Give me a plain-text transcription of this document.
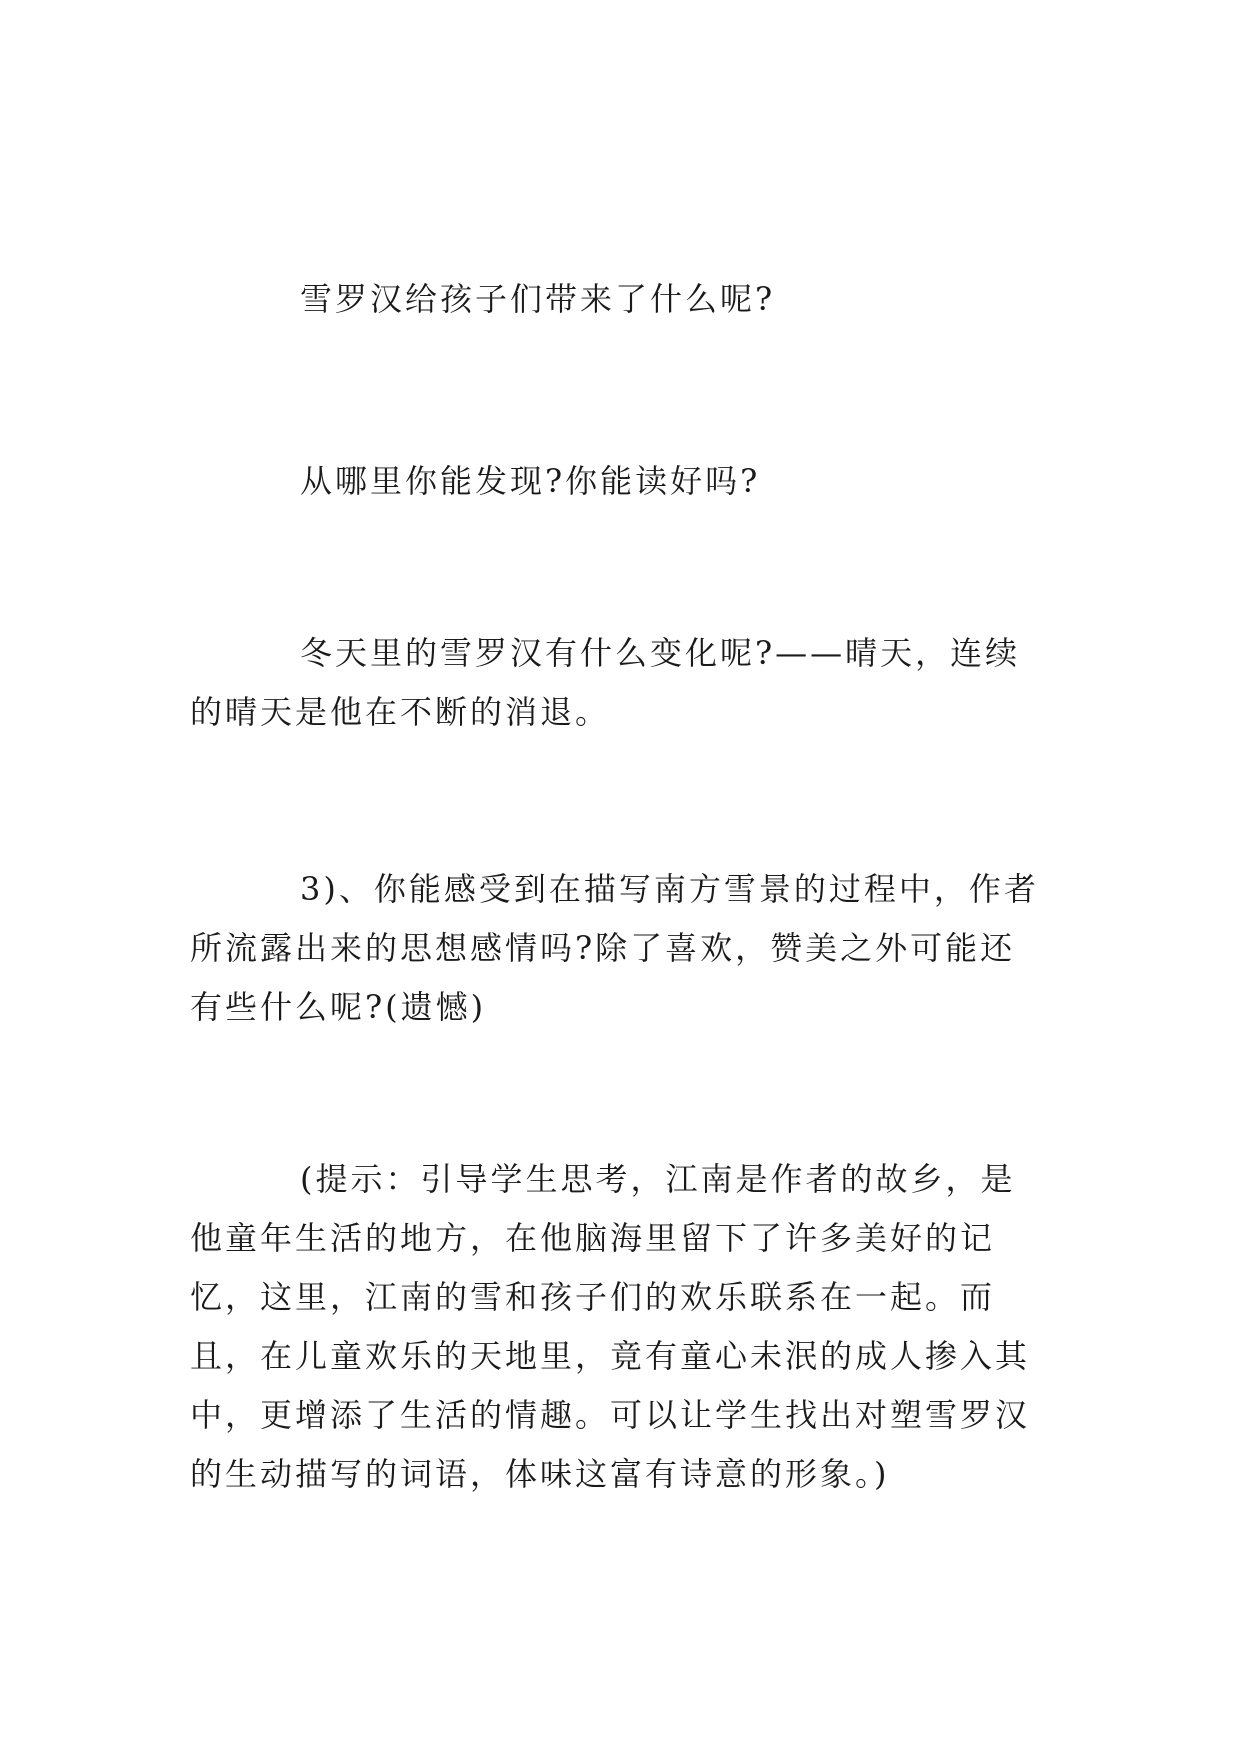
雪罗汉给孩子们带来了什么呢?

从哪里你能发现?你能读好吗?

冬天里的雪罗汉有什么变化呢?——晴天，连续的晴天是他在不断的消退。

3)、你能感受到在描写南方雪景的过程中，作者所流露出来的思想感情吗?除了喜欢，赞美之外可能还有些什么呢?(遗憾)

(提示：引导学生思考，江南是作者的故乡，是他童年生活的地方，在他脑海里留下了许多美好的记忆，这里，江南的雪和孩子们的欢乐联系在一起。而且，在儿童欢乐的天地里，竟有童心未泯的成人掺入其中，更增添了生活的情趣。可以让学生找出对塑雪罗汉的生动描写的词语，体味这富有诗意的形象。)
